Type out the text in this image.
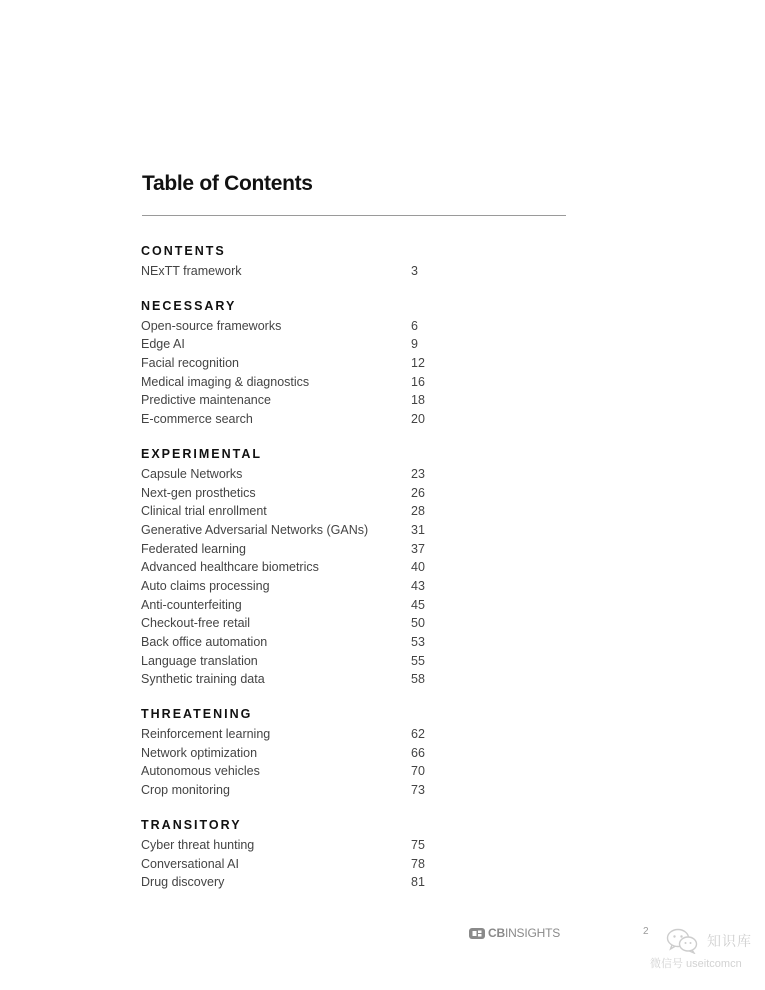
Table of Contents
CONTENTS
NExTT framework	3
NECESSARY
Open-source frameworks	6
Edge AI	9
Facial recognition	12
Medical imaging & diagnostics	16
Predictive maintenance	18
E-commerce search	20
EXPERIMENTAL
Capsule Networks	23
Next-gen prosthetics	26
Clinical trial enrollment	28
Generative Adversarial Networks (GANs)	31
Federated learning	37
Advanced healthcare biometrics	40
Auto claims processing	43
Anti-counterfeiting	45
Checkout-free retail	50
Back office automation	53
Language translation	55
Synthetic training data	58
THREATENING
Reinforcement learning	62
Network optimization	66
Autonomous vehicles	70
Crop monitoring	73
TRANSITORY
Cyber threat hunting	75
Conversational AI	78
Drug discovery	81
CBINSIGHTS	2
知识库
微信号 useitcomcn
